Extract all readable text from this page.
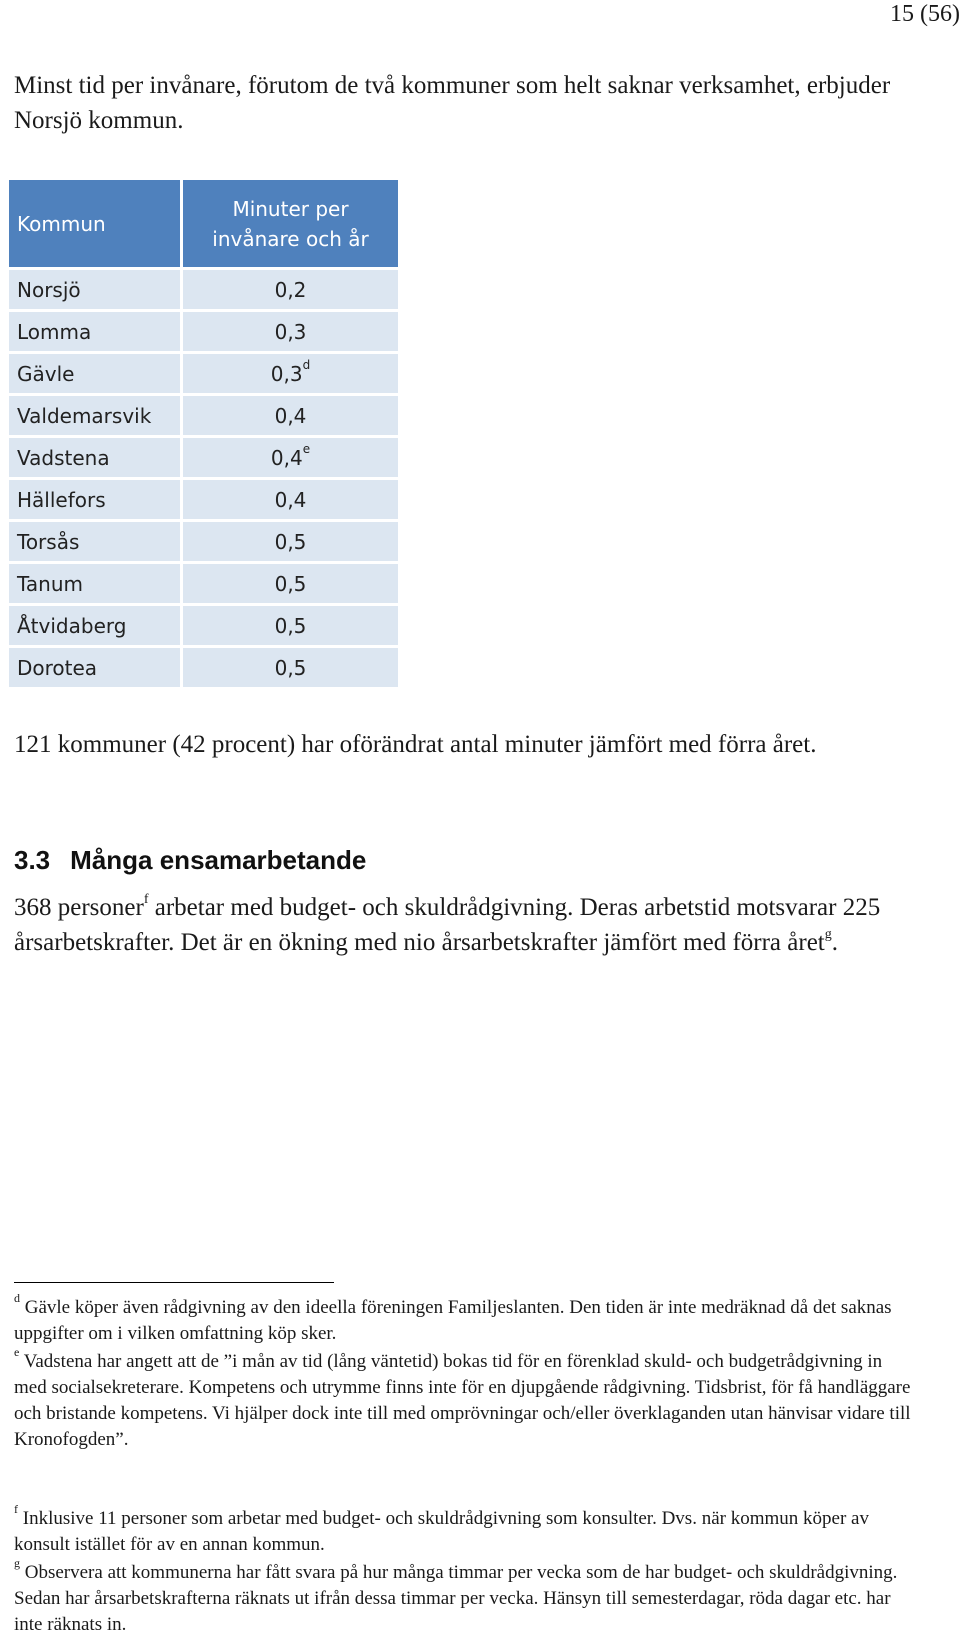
15 (56)

Minst tid per invånare, förutom de två kommuner som helt saknar verksamhet, erbjuder Norsjö kommun.

Kommun	Minuter per
invånare och år
Norsjö	0,2
Lomma	0,3
Gävle	0,3$^d$
Valdemarsvik	0,4
Vadstena	0,4e
Hällefors	0,4
Torsås	0,5
Tanum	0,5
Åtvidaberg	0,5
Dorotea	0,5

121 kommuner (42 procent) har oförändrat antal minuter jämfört med förra året.

3.3 Många ensamarbetande

368 personer$^f$ arbetar med budget- och skuldrådgivning. Deras arbetstid motsvarar 225 årsarbetskrafter. Det är en ökning med nio årsarbetskrafter jämfört med förra året$^g$.

$^d$ Gävle köper även rådgivning av den ideella föreningen Familjeslanten. Den tiden är inte medräknad då det saknas uppgifter om i vilken omfattning köp sker.

$^e$ Vadstena har angett att de ”i mån av tid (lång väntetid) bokas tid för en förenklad skuld- och budgetrådgivning in med socialsekreterare. Kompetens och utrymme finns inte för en djupgående rådgivning. Tidsbrist, för få handläggare och bristande kompetens. Vi hjälper dock inte till med omprövningar och/eller överklaganden utan hänvisar vidare till Kronofogden”.

$^f$ Inklusive 11 personer som arbetar med budget- och skuldrådgivning som konsulter. Dvs. när kommun köper av konsult istället för av en annan kommun.

$^g$ Observera att kommunerna har fått svara på hur många timmar per vecka som de har budget- och skuldrådgivning. Sedan har årsarbetskrafterna räknats ut ifrån dessa timmar per vecka. Hänsyn till semesterdagar, röda dagar etc. har inte räknats in.
